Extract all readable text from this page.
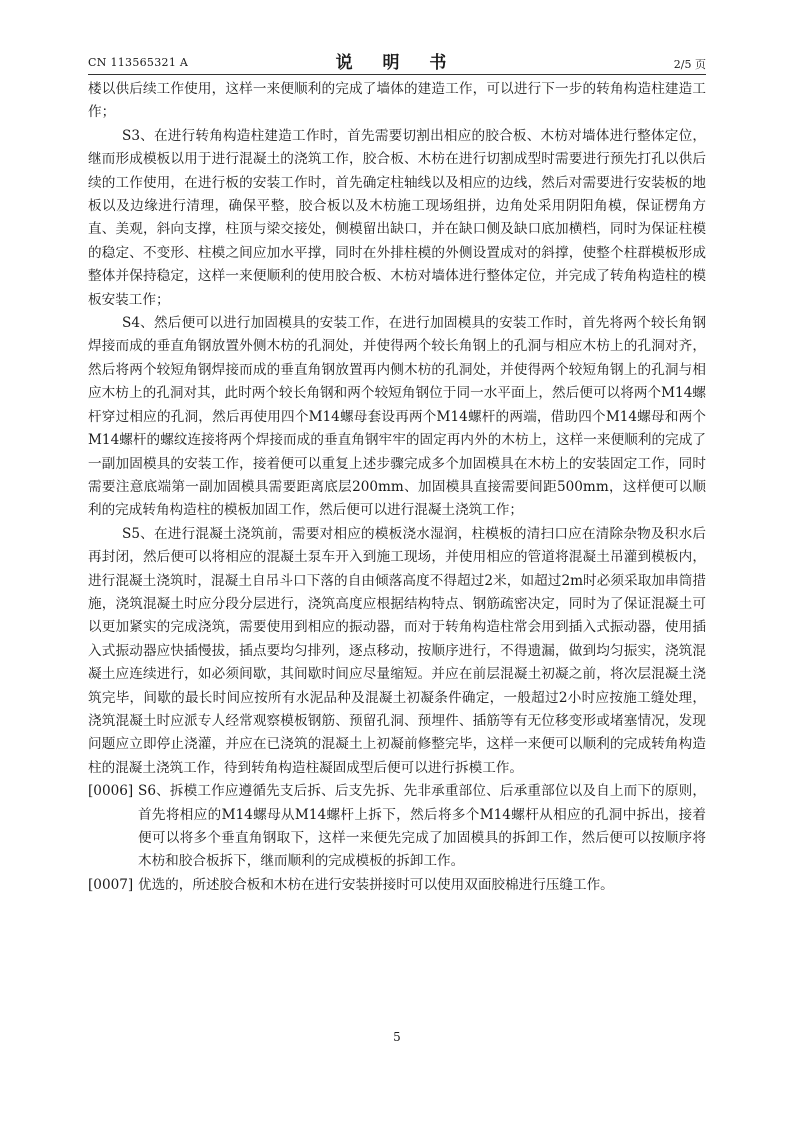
CN 113565321 A	说 明 书	2/5 页

楼以供后续工作使用，这样一来便顺利的完成了墙体的建造工作，可以进行下一步的转角构造柱建造工作；

S3、在进行转角构造柱建造工作时，首先需要切割出相应的胶合板、木枋对墙体进行整体定位，继而形成模板以用于进行混凝土的浇筑工作，胶合板、木枋在进行切割成型时需要进行预先打孔以供后续的工作使用，在进行板的安装工作时，首先确定柱轴线以及相应的边线，然后对需要进行安装板的地板以及边缘进行清理，确保平整，胶合板以及木枋施工现场组拼，边角处采用阴阳角模，保证楞角方直、美观，斜向支撑，柱顶与梁交接处，侧模留出缺口，并在缺口侧及缺口底加横档，同时为保证柱模的稳定、不变形、柱模之间应加水平撑，同时在外排柱模的外侧设置成对的斜撑，使整个柱群模板形成整体并保持稳定，这样一来便顺利的使用胶合板、木枋对墙体进行整体定位，并完成了转角构造柱的模板安装工作；

S4、然后便可以进行加固模具的安装工作，在进行加固模具的安装工作时，首先将两个较长角钢焊接而成的垂直角钢放置外侧木枋的孔洞处，并使得两个较长角钢上的孔洞与相应木枋上的孔洞对齐，然后将两个较短角钢焊接而成的垂直角钢放置再内侧木枋的孔洞处，并使得两个较短角钢上的孔洞与相应木枋上的孔洞对其，此时两个较长角钢和两个较短角钢位于同一水平面上，然后便可以将两个M14螺杆穿过相应的孔洞，然后再使用四个M14螺母套设再两个M14螺杆的两端，借助四个M14螺母和两个M14螺杆的螺纹连接将两个焊接而成的垂直角钢牢牢的固定再内外的木枋上，这样一来便顺利的完成了一副加固模具的安装工作，接着便可以重复上述步骤完成多个加固模具在木枋上的安装固定工作，同时需要注意底端第一副加固模具需要距离底层200mm、加固模具直接需要间距500mm，这样便可以顺利的完成转角构造柱的模板加固工作，然后便可以进行混凝土浇筑工作；

S5、在进行混凝土浇筑前，需要对相应的模板浇水湿润，柱模板的清扫口应在清除杂物及积水后再封闭，然后便可以将相应的混凝土泵车开入到施工现场，并使用相应的管道将混凝土吊灌到模板内，进行混凝土浇筑时，混凝土自吊斗口下落的自由倾落高度不得超过2米，如超过2m时必须采取加串筒措施，浇筑混凝土时应分段分层进行，浇筑高度应根据结构特点、钢筋疏密决定，同时为了保证混凝土可以更加紧实的完成浇筑，需要使用到相应的振动器，而对于转角构造柱常会用到插入式振动器，使用插入式振动器应快插慢拔，插点要均匀排列，逐点移动，按顺序进行，不得遗漏，做到均匀振实，浇筑混凝土应连续进行，如必须间歇，其间歇时间应尽量缩短。并应在前层混凝土初凝之前，将次层混凝土浇筑完毕，间歇的最长时间应按所有水泥品种及混凝土初凝条件确定，一般超过2小时应按施工缝处理，浇筑混凝土时应派专人经常观察模板钢筋、预留孔洞、预埋件、插筋等有无位移变形或堵塞情况，发现问题应立即停止浇灌，并应在已浇筑的混凝土上初凝前修整完毕，这样一来便可以顺利的完成转角构造柱的混凝土浇筑工作，待到转角构造柱凝固成型后便可以进行拆模工作。

[0006] S6、拆模工作应遵循先支后拆、后支先拆、先非承重部位、后承重部位以及自上而下的原则，首先将相应的M14螺母从M14螺杆上拆下，然后将多个M14螺杆从相应的孔洞中拆出，接着便可以将多个垂直角钢取下，这样一来便先完成了加固模具的拆卸工作，然后便可以按顺序将木枋和胶合板拆下，继而顺利的完成模板的拆卸工作。
[0007] 优选的，所述胶合板和木枋在进行安装拼接时可以使用双面胶棉进行压缝工作。
5
